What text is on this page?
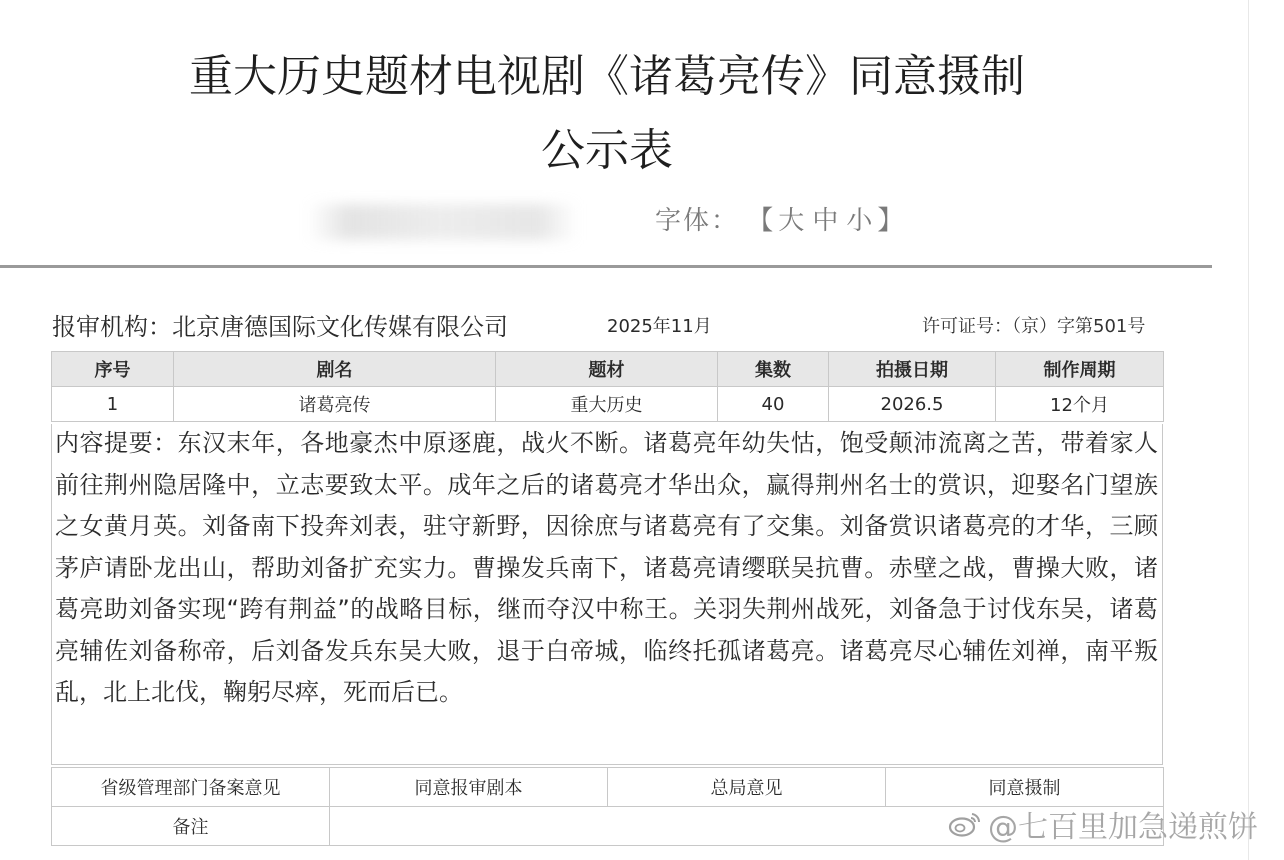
重大历史题材电视剧《诸葛亮传》同意摄制
公示表
字体： 【 大 中 小 】
报审机构：北京唐德国际文化传媒有限公司	2025年11月	许可证号：（京）字第501号
序号	剧名	题材	集数	拍摄日期	制作周期
1	诸葛亮传	重大历史	40	2026.5	12个月
内容提要：东汉末年，各地豪杰中原逐鹿，战火不断。诸葛亮年幼失怙，饱受颠沛流离之苦，带着家人前往荆州隐居隆中，立志要致太平。成年之后的诸葛亮才华出众，赢得荆州名士的赏识，迎娶名门望族之女黄月英。刘备南下投奔刘表，驻守新野，因徐庶与诸葛亮有了交集。刘备赏识诸葛亮的才华，三顾茅庐请卧龙出山，帮助刘备扩充实力。曹操发兵南下，诸葛亮请缨联吴抗曹。赤壁之战，曹操大败，诸葛亮助刘备实现“跨有荆益”的战略目标，继而夺汉中称王。关羽失荆州战死，刘备急于讨伐东吴，诸葛亮辅佐刘备称帝，后刘备发兵东吴大败，退于白帝城，临终托孤诸葛亮。诸葛亮尽心辅佐刘禅，南平叛乱，北上北伐，鞠躬尽瘁，死而后已。
省级管理部门备案意见	同意报审剧本	总局意见	同意摄制
备注				@七百里加急递煎饼
